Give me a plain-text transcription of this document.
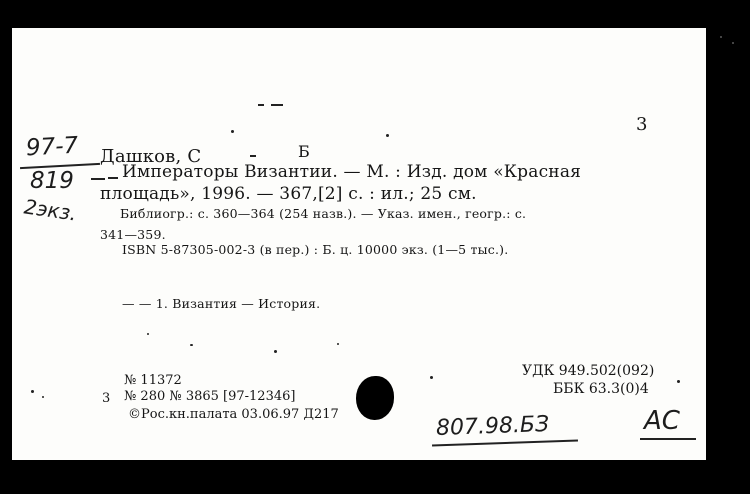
3
97-7
819
2экз.
Дашков, С	Б
Императоры Византии. — М. : Изд. дом «Красная
площадь», 1996. — 367,[2] с. : ил.; 25 см.
Библиогр.: с. 360—364 (254 назв.). — Указ. имен., геогр.: с.
341—359.
ISBN 5-87305-002-3 (в пер.) : Б. ц. 10000 экз. (1—5 тыс.).
— — 1. Византия — История.
УДК 949.502(092)
ББК 63.3(0)4
№ 11372
3 № 280 № 3865 [97-12346]
©Рос.кн.палата 03.06.97 Д217	807.98.БЗ	АС
